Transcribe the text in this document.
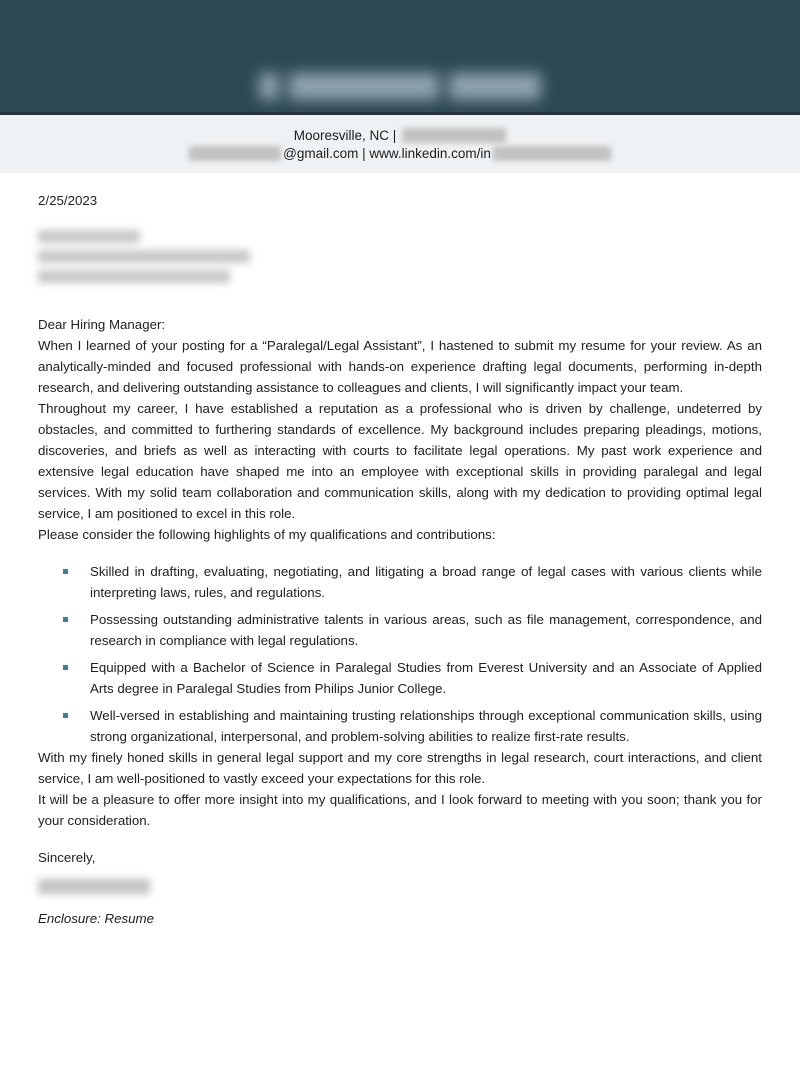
Mooresville, NC |
@gmail.com | www.linkedin.com/in
2/25/2023
Dear Hiring Manager:

When I learned of your posting for a “Paralegal/Legal Assistant”, I hastened to submit my resume for your review. As an analytically-minded and focused professional with hands-on experience drafting legal documents, performing in-depth research, and delivering outstanding assistance to colleagues and clients, I will significantly impact your team.

Throughout my career, I have established a reputation as a professional who is driven by challenge, undeterred by obstacles, and committed to furthering standards of excellence. My background includes preparing pleadings, motions, discoveries, and briefs as well as interacting with courts to facilitate legal operations. My past work experience and extensive legal education have shaped me into an employee with exceptional skills in providing paralegal and legal services. With my solid team collaboration and communication skills, along with my dedication to providing optimal legal service, I am positioned to excel in this role.

Please consider the following highlights of my qualifications and contributions:

Skilled in drafting, evaluating, negotiating, and litigating a broad range of legal cases with various clients while interpreting laws, rules, and regulations.
Possessing outstanding administrative talents in various areas, such as file management, correspondence, and research in compliance with legal regulations.
Equipped with a Bachelor of Science in Paralegal Studies from Everest University and an Associate of Applied Arts degree in Paralegal Studies from Philips Junior College.
Well-versed in establishing and maintaining trusting relationships through exceptional communication skills, using strong organizational, interpersonal, and problem-solving abilities to realize first-rate results.

With my finely honed skills in general legal support and my core strengths in legal research, court interactions, and client service, I am well-positioned to vastly exceed your expectations for this role.

It will be a pleasure to offer more insight into my qualifications, and I look forward to meeting with you soon; thank you for your consideration.

Sincerely,
Enclosure: Resume
